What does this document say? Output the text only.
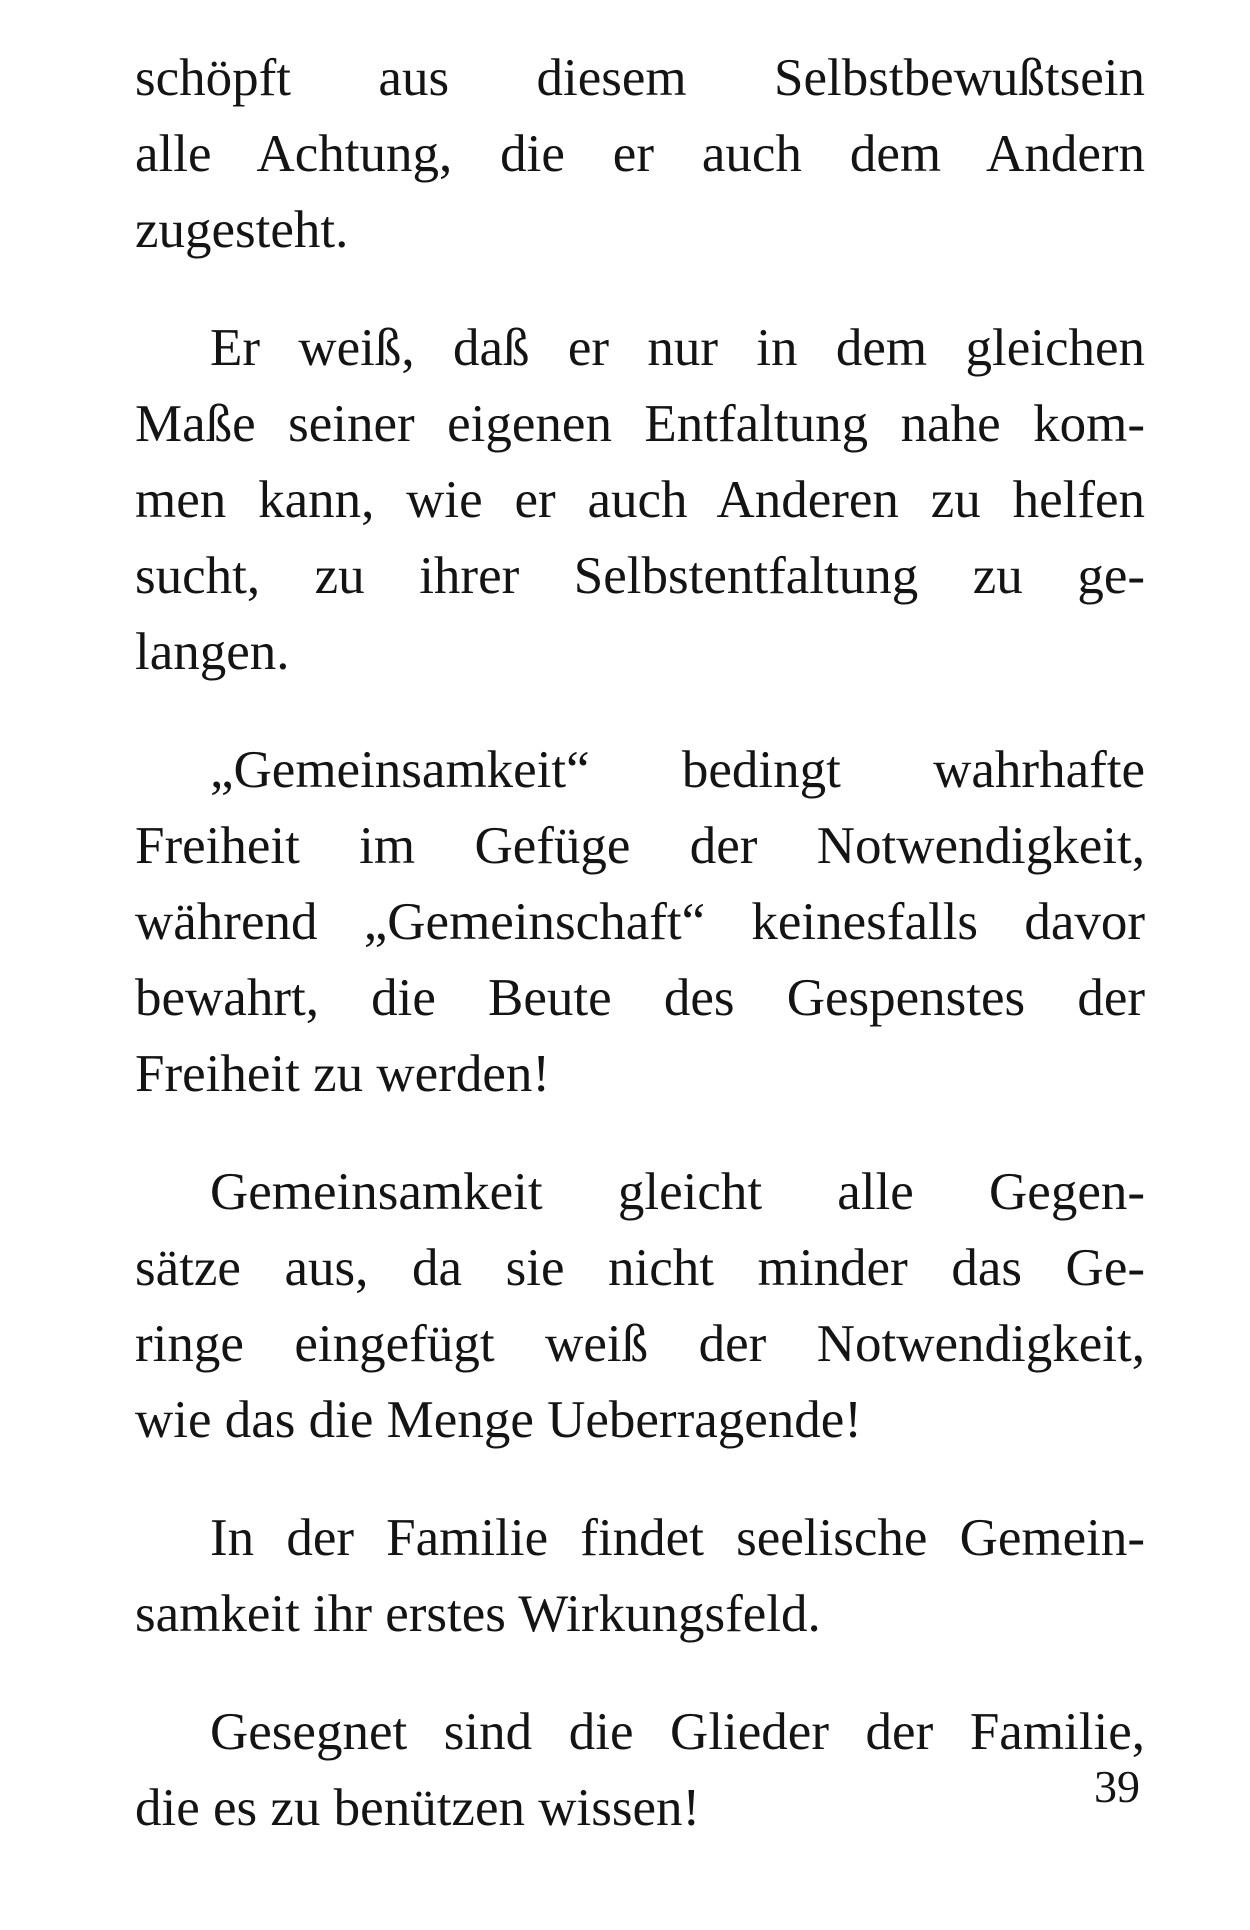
schöpft aus diesem Selbstbewußtsein
alle Achtung, die er auch dem Andern
zugesteht.
Er weiß, daß er nur in dem gleichen
Maße seiner eigenen Entfaltung nahe kom-
men kann, wie er auch Anderen zu helfen
sucht, zu ihrer Selbstentfaltung zu ge-
langen.
„Gemeinsamkeit“ bedingt wahrhafte
Freiheit im Gefüge der Notwendigkeit,
während „Gemeinschaft“ keinesfalls davor
bewahrt, die Beute des Gespenstes der
Freiheit zu werden!
Gemeinsamkeit gleicht alle Gegen-
sätze aus, da sie nicht minder das Ge-
ringe eingefügt weiß der Notwendigkeit,
wie das die Menge Ueberragende!
In der Familie findet seelische Gemein-
samkeit ihr erstes Wirkungsfeld.
Gesegnet sind die Glieder der Familie,
die es zu benützen wissen!	39
